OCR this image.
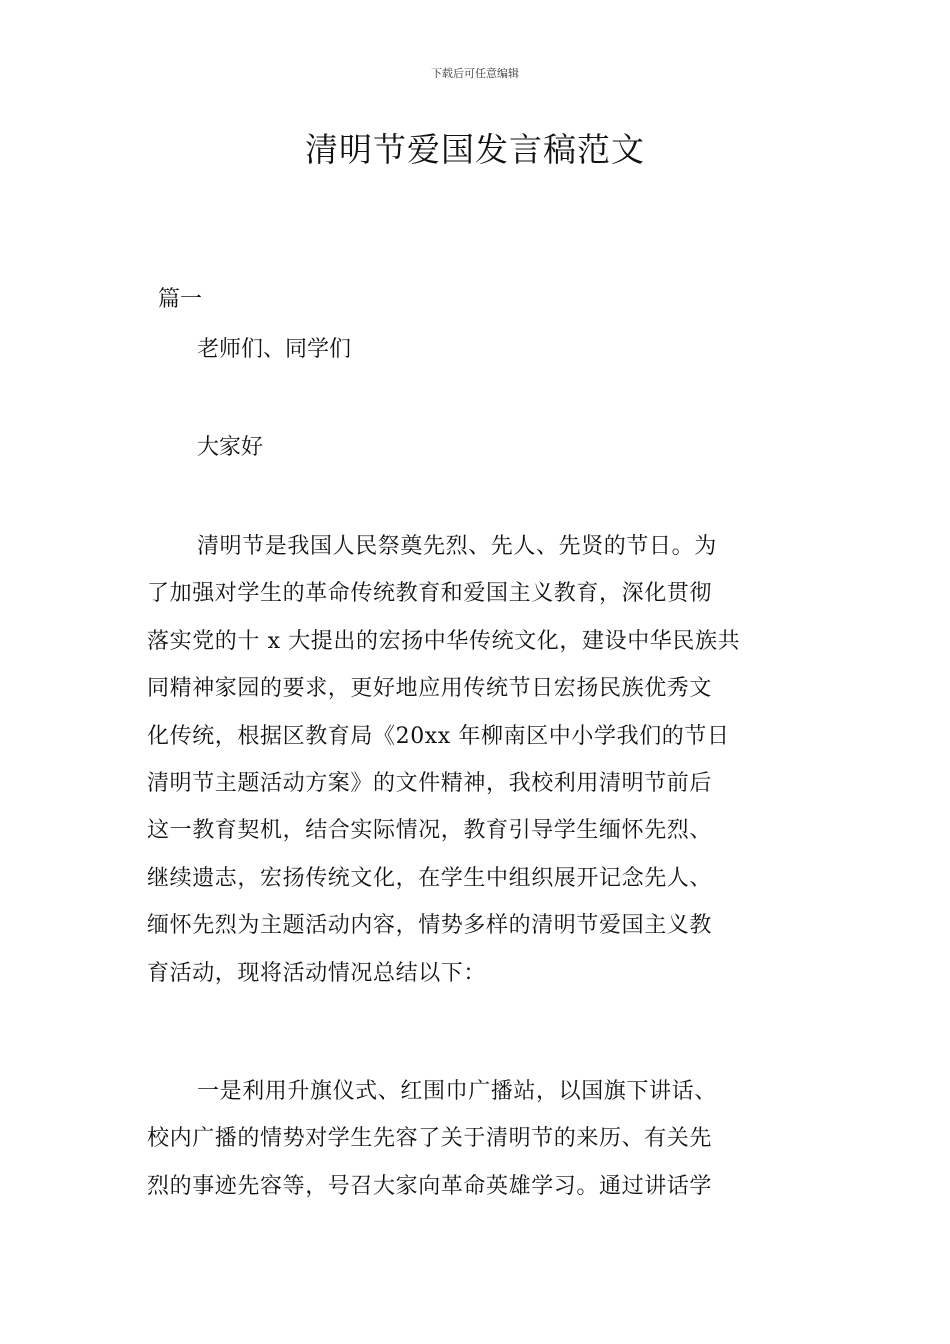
下载后可任意编辑
清明节爱国发言稿范文
篇一
老师们、同学们
大家好
清明节是我国人民祭奠先烈、先人、先贤的节日。为
了加强对学生的革命传统教育和爱国主义教育，深化贯彻
落实党的十 x 大提出的宏扬中华传统文化，建设中华民族共
同精神家园的要求，更好地应用传统节日宏扬民族优秀文
化传统，根据区教育局《20xx 年柳南区中小学我们的节日
清明节主题活动方案》的文件精神，我校利用清明节前后
这一教育契机，结合实际情况，教育引导学生缅怀先烈、
继续遗志，宏扬传统文化，在学生中组织展开记念先人、
缅怀先烈为主题活动内容，情势多样的清明节爱国主义教
育活动，现将活动情况总结以下：
一是利用升旗仪式、红围巾广播站，以国旗下讲话、
校内广播的情势对学生先容了关于清明节的来历、有关先
烈的事迹先容等，号召大家向革命英雄学习。通过讲话学
